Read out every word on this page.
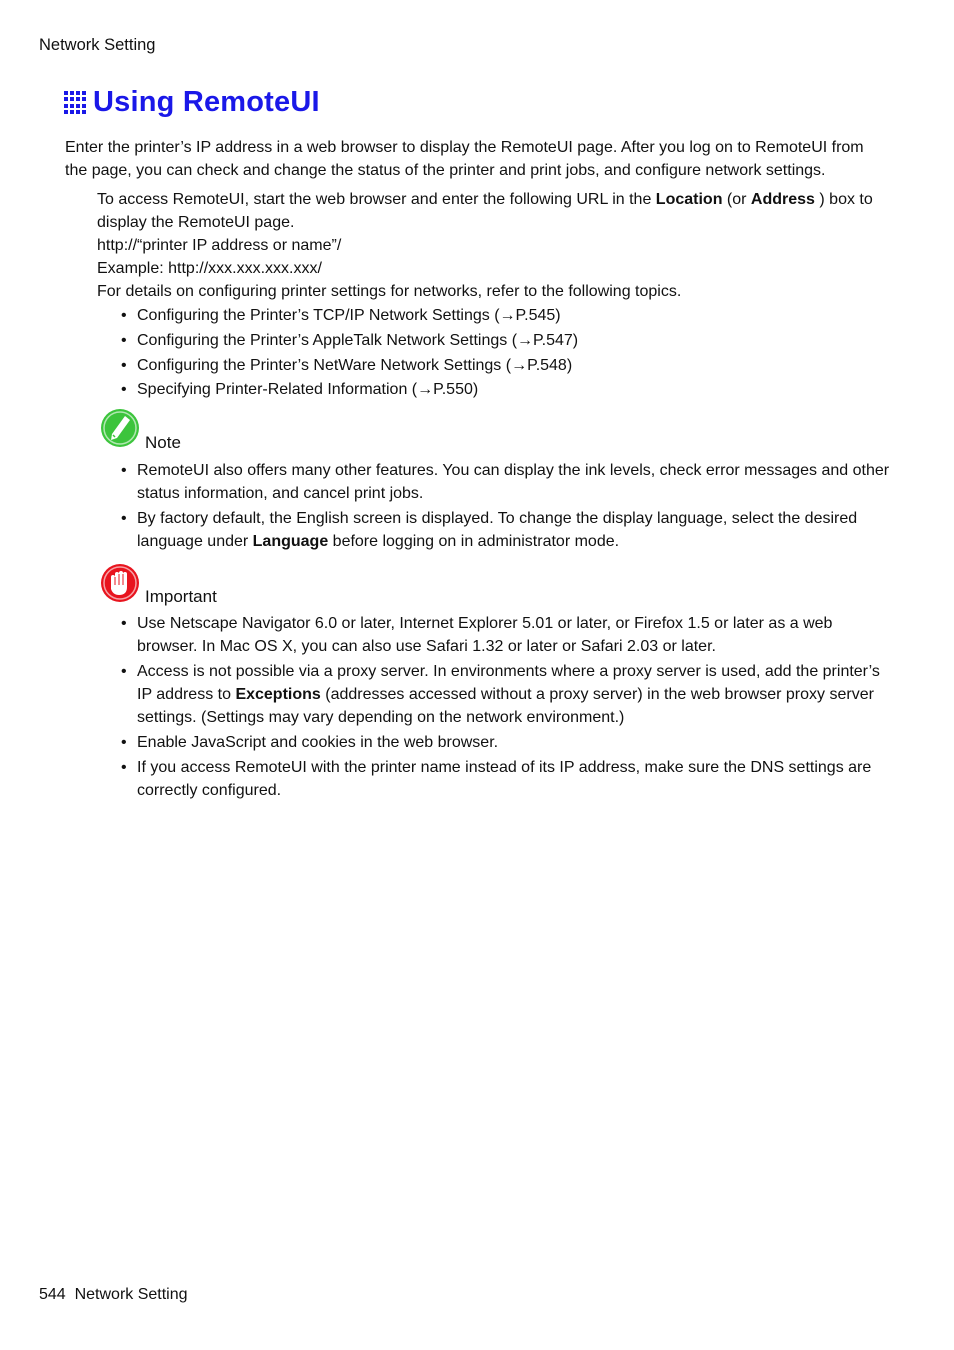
Network Setting
Using RemoteUI
Enter the printer’s IP address in a web browser to display the RemoteUI page. After you log on to RemoteUI from
the page, you can check and change the status of the printer and print jobs, and configure network settings.
To access RemoteUI, start the web browser and enter the following URL in the Location (or Address ) box to display the RemoteUI page.
http://“printer IP address or name”/
Example: http://xxx.xxx.xxx.xxx/
For details on configuring printer settings for networks, refer to the following topics.
• Configuring the Printer’s TCP/IP Network Settings (→P.545)
• Configuring the Printer’s AppleTalk Network Settings (→P.547)
• Configuring the Printer’s NetWare Network Settings (→P.548)
• Specifying Printer-Related Information (→P.550)
Note
• RemoteUI also offers many other features. You can display the ink levels, check error messages and other status information, and cancel print jobs.
• By factory default, the English screen is displayed. To change the display language, select the desired language under Language before logging on in administrator mode.
Important
• Use Netscape Navigator 6.0 or later, Internet Explorer 5.01 or later, or Firefox 1.5 or later as a web browser. In Mac OS X, you can also use Safari 1.32 or later or Safari 2.03 or later.
• Access is not possible via a proxy server. In environments where a proxy server is used, add the printer’s IP address to Exceptions (addresses accessed without a proxy server) in the web browser proxy server settings. (Settings may vary depending on the network environment.)
• Enable JavaScript and cookies in the web browser.
• If you access RemoteUI with the printer name instead of its IP address, make sure the DNS settings are correctly configured.
544 Network Setting
